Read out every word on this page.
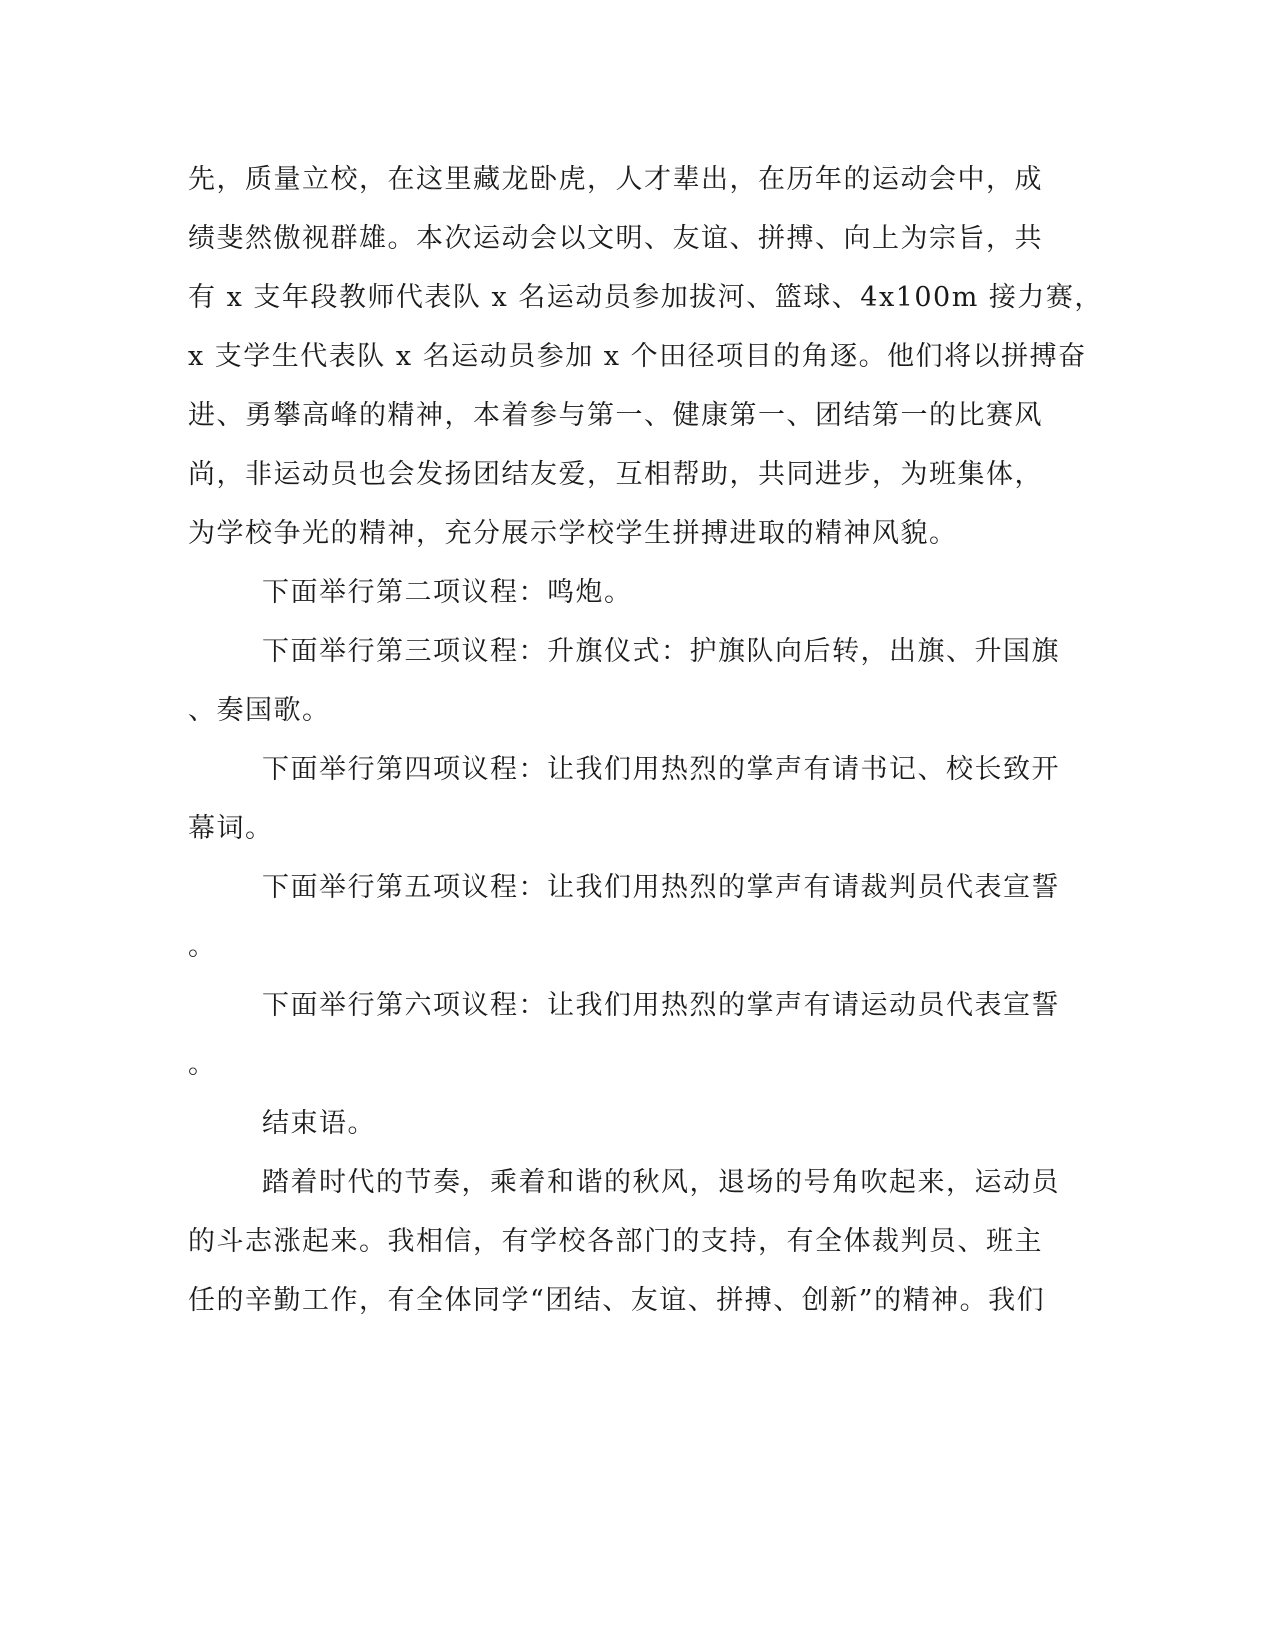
先，质量立校，在这里藏龙卧虎，人才辈出，在历年的运动会中，成
绩斐然傲视群雄。本次运动会以文明、友谊、拼搏、向上为宗旨，共
有 x 支年段教师代表队 x 名运动员参加拔河、篮球、4x100m 接力赛，
x 支学生代表队 x 名运动员参加 x 个田径项目的角逐。他们将以拼搏奋
进、勇攀高峰的精神，本着参与第一、健康第一、团结第一的比赛风
尚，非运动员也会发扬团结友爱，互相帮助，共同进步，为班集体，
为学校争光的精神，充分展示学校学生拼搏进取的精神风貌。
下面举行第二项议程：鸣炮。
下面举行第三项议程：升旗仪式：护旗队向后转，出旗、升国旗
、奏国歌。
下面举行第四项议程：让我们用热烈的掌声有请书记、校长致开
幕词。
下面举行第五项议程：让我们用热烈的掌声有请裁判员代表宣誓
。
下面举行第六项议程：让我们用热烈的掌声有请运动员代表宣誓
。
结束语。
踏着时代的节奏，乘着和谐的秋风，退场的号角吹起来，运动员
的斗志涨起来。我相信，有学校各部门的支持，有全体裁判员、班主
任的辛勤工作，有全体同学“团结、友谊、拼搏、创新”的精神。我们
